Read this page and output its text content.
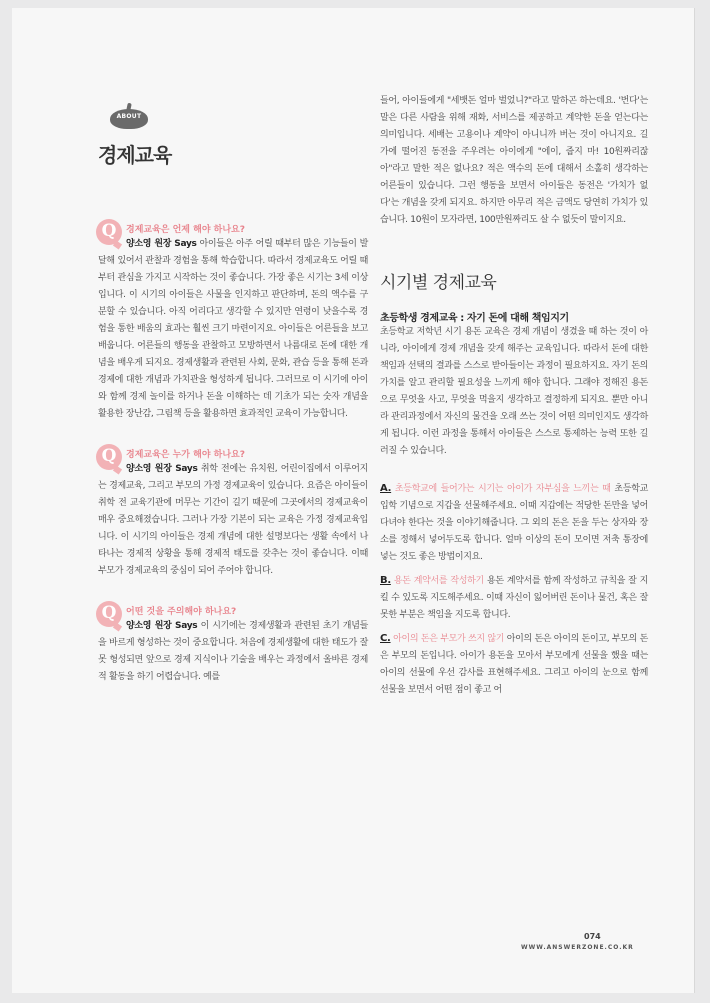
ABOUT
경제교육
Q	경제교육은 언제 해야 하나요?
양소영 원장 Says 아이들은 아주 어릴 때부터 많은 기능들이 발달해 있어서 관찰과 경험을 통해 학습합니다. 따라서 경제교육도 어릴 때부터 관심을 가지고 시작하는 것이 좋습니다. 가장 좋은 시기는 3세 이상입니다. 이 시기의 아이들은 사물을 인지하고 판단하며, 돈의 액수를 구분할 수 있습니다. 아직 어리다고 생각할 수 있지만 연령이 낮을수록 경험을 통한 배움의 효과는 훨씬 크기 마련이지요. 아이들은 어른들을 보고 배웁니다. 어른들의 행동을 관찰하고 모방하면서 나름대로 돈에 대한 개념을 배우게 되지요. 경제생활과 관련된 사회, 문화, 관습 등을 통해 돈과 경제에 대한 개념과 가치관을 형성하게 됩니다. 그러므로 이 시기에 아이와 함께 경제 놀이를 하거나 돈을 이해하는 데 기초가 되는 숫자 개념을 활용한 장난감, 그림책 등을 활용하면 효과적인 교육이 가능합니다.
Q	경제교육은 누가 해야 하나요?
양소영 원장 Says 취학 전에는 유치원, 어린이집에서 이루어지는 경제교육, 그리고 부모의 가정 경제교육이 있습니다. 요즘은 아이들이 취학 전 교육기관에 머무는 기간이 길기 때문에 그곳에서의 경제교육이 매우 중요해졌습니다. 그러나 가장 기본이 되는 교육은 가정 경제교육입니다. 이 시기의 아이들은 경제 개념에 대한 설명보다는 생활 속에서 나타나는 경제적 상황을 통해 경제적 태도를 갖추는 것이 좋습니다. 이때 부모가 경제교육의 중심이 되어 주어야 합니다.
Q	어떤 것을 주의해야 하나요?
양소영 원장 Says 이 시기에는 경제생활과 관련된 초기 개념들을 바르게 형성하는 것이 중요합니다. 처음에 경제생활에 대한 태도가 잘못 형성되면 앞으로 경제 지식이나 기술을 배우는 과정에서 올바른 경제적 활동을 하기 어렵습니다. 예를
들어, 아이들에게 "세뱃돈 얼마 벌었니?"라고 말하곤 하는데요. '번다'는 말은 다른 사람을 위해 재화, 서비스를 제공하고 계약한 돈을 얻는다는 의미입니다. 세배는 고용이나 계약이 아니니까 버는 것이 아니지요. 길가에 떨어진 동전을 주우려는 아이에게 "에이, 줍지 마! 10원짜리잖아"라고 말한 적은 없나요? 적은 액수의 돈에 대해서 소홀히 생각하는 어른들이 있습니다. 그런 행동을 보면서 아이들은 동전은 '가치가 없다'는 개념을 갖게 되지요. 하지만 아무리 적은 금액도 당연히 가치가 있습니다. 10원이 모자라면, 100만원짜리도 살 수 없듯이 말이지요.
시기별 경제교육
초등학생 경제교육 : 자기 돈에 대해 책임지기
초등학교 저학년 시기 용돈 교육은 경제 개념이 생겼을 때 하는 것이 아니라, 아이에게 경제 개념을 갖게 해주는 교육입니다. 따라서 돈에 대한 책임과 선택의 결과를 스스로 받아들이는 과정이 필요하지요. 자기 돈의 가치를 알고 관리할 필요성을 느끼게 해야 합니다. 그래야 정해진 용돈으로 무엇을 사고, 무엇을 먹을지 생각하고 결정하게 되지요. 뿐만 아니라 관리과정에서 자신의 물건을 오래 쓰는 것이 어떤 의미인지도 생각하게 됩니다. 이런 과정을 통해서 아이들은 스스로 통제하는 능력 또한 길러질 수 있습니다.
A. 초등학교에 들어가는 시기는 아이가 자부심을 느끼는 때 초등학교 입학 기념으로 지갑을 선물해주세요. 이때 지갑에는 적당한 돈만을 넣어 다녀야 한다는 것을 이야기해줍니다. 그 외의 돈은 돈을 두는 상자와 장소를 정해서 넣어두도록 합니다. 얼마 이상의 돈이 모이면 저축 통장에 넣는 것도 좋은 방법이지요.
B. 용돈 계약서를 작성하기 용돈 계약서를 함께 작성하고 규칙을 잘 지킬 수 있도록 지도해주세요. 이때 자신이 잃어버린 돈이나 물건, 혹은 잘못한 부분은 책임을 지도록 합니다.
C. 아이의 돈은 부모가 쓰지 않기 아이의 돈은 아이의 돈이고, 부모의 돈은 부모의 돈입니다. 아이가 용돈을 모아서 부모에게 선물을 했을 때는 아이의 선물에 우선 감사를 표현해주세요. 그리고 아이의 눈으로 함께 선물을 보면서 어떤 점이 좋고 어
074
WWW.ANSWERZONE.CO.KR
